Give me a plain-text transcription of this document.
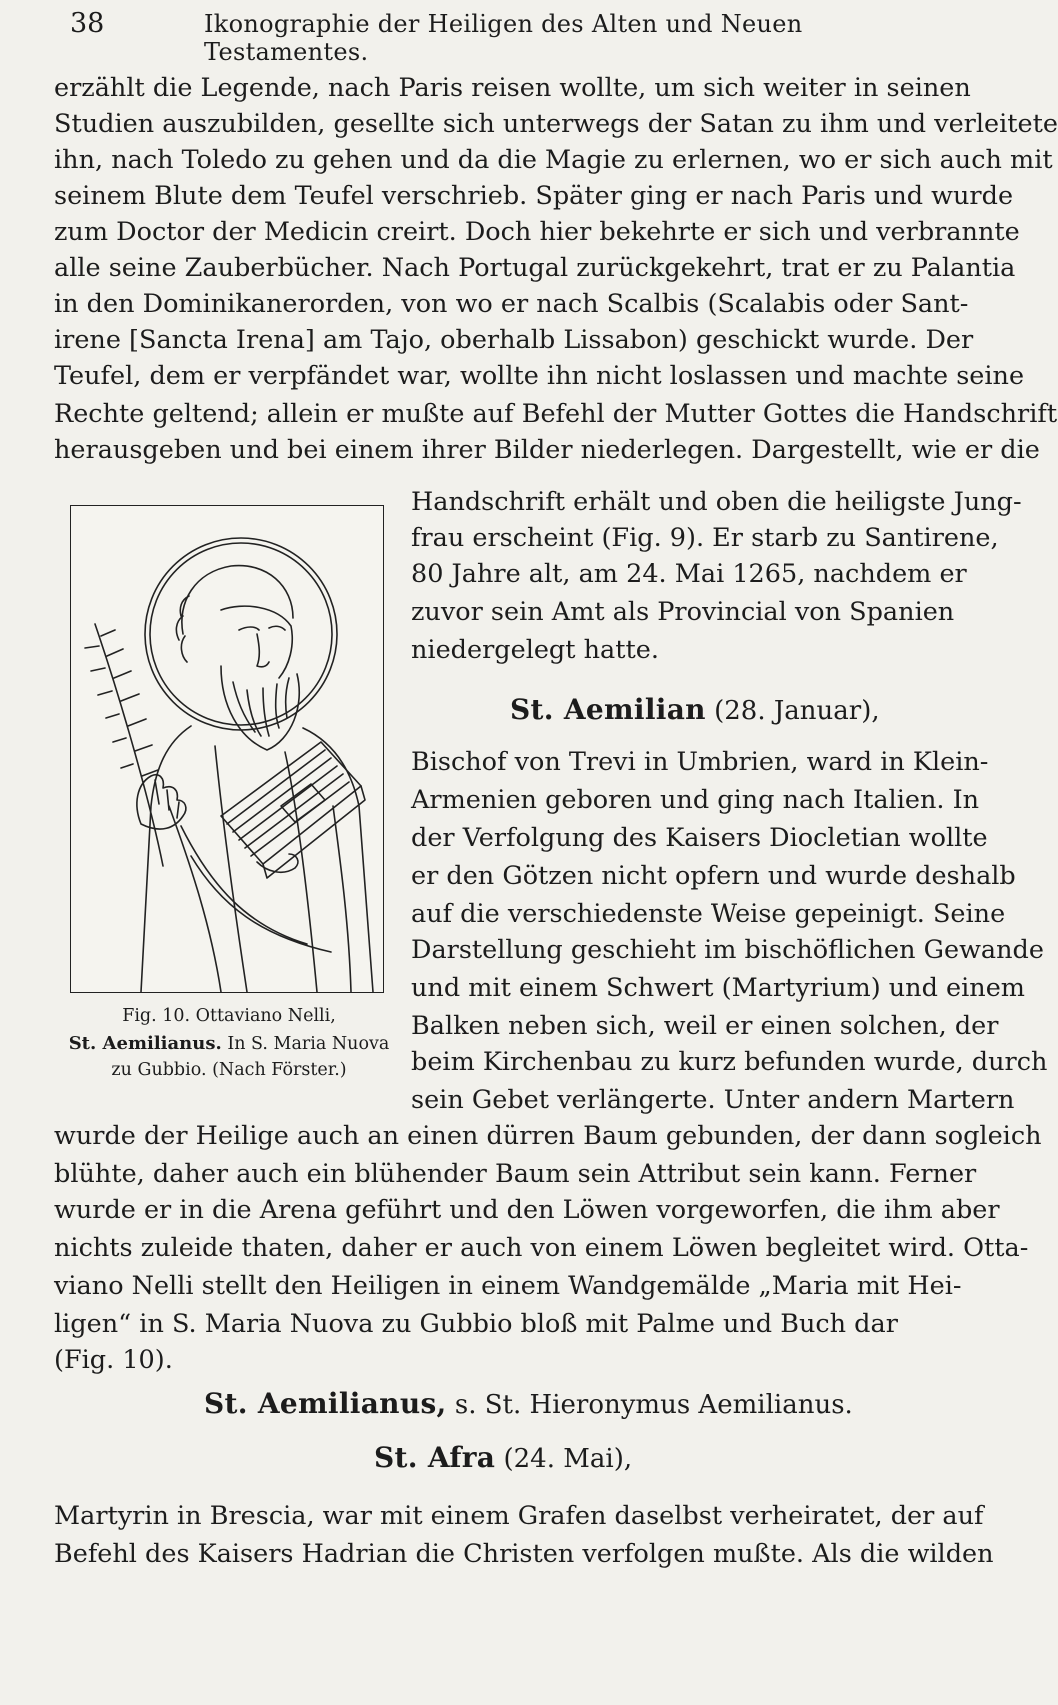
38	Ikonographie der Heiligen des Alten und Neuen Testamentes.
erzählt die Legende, nach Paris reisen wollte, um sich weiter in seinen
Studien auszubilden, gesellte sich unterwegs der Satan zu ihm und verleitete
ihn, nach Toledo zu gehen und da die Magie zu erlernen, wo er sich auch mit
seinem Blute dem Teufel verschrieb. Später ging er nach Paris und wurde
zum Doctor der Medicin creirt. Doch hier bekehrte er sich und verbrannte
alle seine Zauberbücher. Nach Portugal zurückgekehrt, trat er zu Palantia
in den Dominikanerorden, von wo er nach Scalbis (Scalabis oder Sant-
irene [Sancta Irena] am Tajo, oberhalb Lissabon) geschickt wurde. Der
Teufel, dem er verpfändet war, wollte ihn nicht loslassen und machte seine
Rechte geltend; allein er mußte auf Befehl der Mutter Gottes die Handschrift
herausgeben und bei einem ihrer Bilder niederlegen. Dargestellt, wie er die
Handschrift erhält und oben die heiligste Jung-
frau erscheint (Fig. 9). Er starb zu Santirene,
80 Jahre alt, am 24. Mai 1265, nachdem er
zuvor sein Amt als Provincial von Spanien
niedergelegt hatte.
St. Aemilian (28. Januar),
Bischof von Trevi in Umbrien, ward in Klein-
Armenien geboren und ging nach Italien. In
der Verfolgung des Kaisers Diocletian wollte
er den Götzen nicht opfern und wurde deshalb
auf die verschiedenste Weise gepeinigt. Seine
Darstellung geschieht im bischöflichen Gewande
und mit einem Schwert (Martyrium) und einem
Balken neben sich, weil er einen solchen, der
beim Kirchenbau zu kurz befunden wurde, durch
sein Gebet verlängerte. Unter andern Martern
Fig. 10. Ottaviano Nelli,
St. Aemilianus. In S. Maria Nuova
zu Gubbio. (Nach Förster.)
wurde der Heilige auch an einen dürren Baum gebunden, der dann sogleich
blühte, daher auch ein blühender Baum sein Attribut sein kann. Ferner
wurde er in die Arena geführt und den Löwen vorgeworfen, die ihm aber
nichts zuleide thaten, daher er auch von einem Löwen begleitet wird. Otta-
viano Nelli stellt den Heiligen in einem Wandgemälde „Maria mit Hei-
ligen“ in S. Maria Nuova zu Gubbio bloß mit Palme und Buch dar
(Fig. 10).
St. Aemilianus, s. St. Hieronymus Aemilianus.
St. Afra (24. Mai),
Martyrin in Brescia, war mit einem Grafen daselbst verheiratet, der auf
Befehl des Kaisers Hadrian die Christen verfolgen mußte. Als die wilden
